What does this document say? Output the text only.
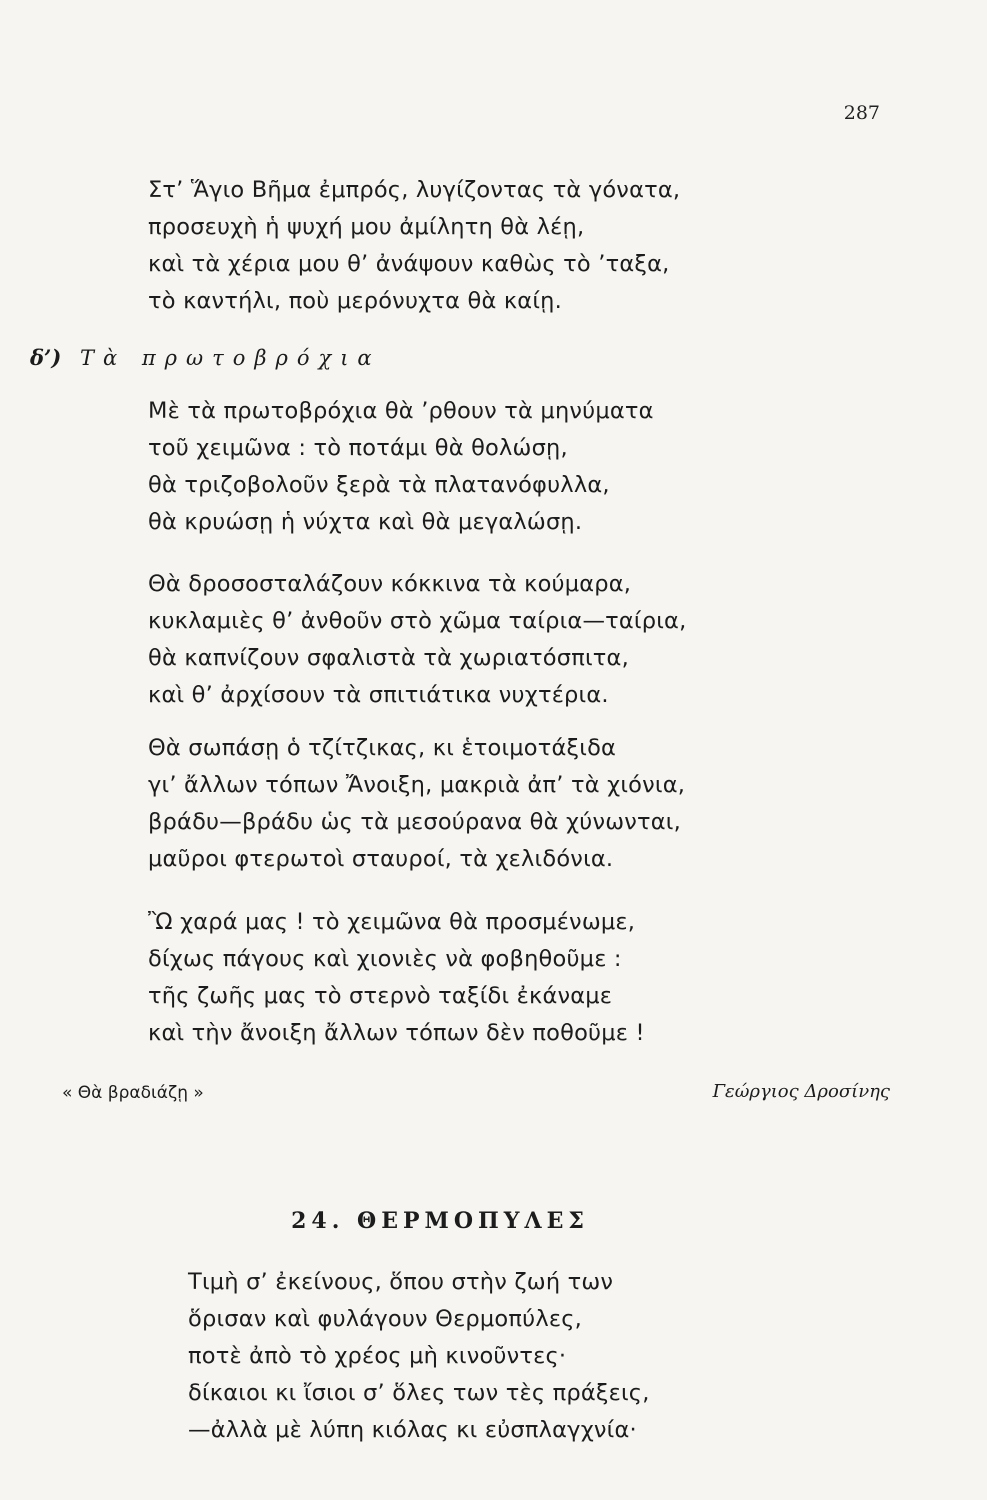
287
Στ’ Ἅγιο Βῆμα ἐμπρός, λυγίζοντας τὰ γόνατα,
προσευχὴ ἡ ψυχή μου ἀμίλητη θὰ λέῃ,
καὶ τὰ χέρια μου θ’ ἀνάψουν καθὼς τὸ ’ταξα,
τὸ καντήλι, ποὺ μερόνυχτα θὰ καίῃ.
δ’) Τὰ πρωτοβρόχια
Μὲ τὰ πρωτοβρόχια θὰ ’ρθουν τὰ μηνύματα
τοῦ χειμῶνα : τὸ ποτάμι θὰ θολώσῃ,
θὰ τριζοβολοῦν ξερὰ τὰ πλατανόφυλλα,
θὰ κρυώσῃ ἡ νύχτα καὶ θὰ μεγαλώσῃ.
Θὰ δροσοσταλάζουν κόκκινα τὰ κούμαρα,
κυκλαμιὲς θ’ ἀνθοῦν στὸ χῶμα ταίρια—ταίρια,
θὰ καπνίζουν σφαλιστὰ τὰ χωριατόσπιτα,
καὶ θ’ ἀρχίσουν τὰ σπιτιάτικα νυχτέρια.
Θὰ σωπάσῃ ὁ τζίτζικας, κι ἑτοιμοτάξιδα
γι’ ἄλλων τόπων Ἄνοιξη, μακριὰ ἀπ’ τὰ χιόνια,
βράδυ—βράδυ ὡς τὰ μεσούρανα θὰ χύνωνται,
μαῦροι φτερωτοὶ σταυροί, τὰ χελιδόνια.
Ὢ χαρά μας ! τὸ χειμῶνα θὰ προσμένωμε,
δίχως πάγους καὶ χιονιὲς νὰ φοβηθοῦμε :
τῆς ζωῆς μας τὸ στερνὸ ταξίδι ἐκάναμε
καὶ τὴν ἄνοιξη ἄλλων τόπων δὲν ποθοῦμε !
« Θὰ βραδιάζῃ »	Γεώργιος Δροσίνης
24. ΘΕΡΜΟΠΥΛΕΣ
Τιμὴ σ’ ἐκείνους, ὅπου στὴν ζωή των
ὅρισαν καὶ φυλάγουν Θερμοπύλες,
ποτὲ ἀπὸ τὸ χρέος μὴ κινοῦντες·
δίκαιοι κι ἴσιοι σ’ ὅλες των τὲς πράξεις,
—ἀλλὰ μὲ λύπη κιόλας κι εὐσπλαγχνία·
